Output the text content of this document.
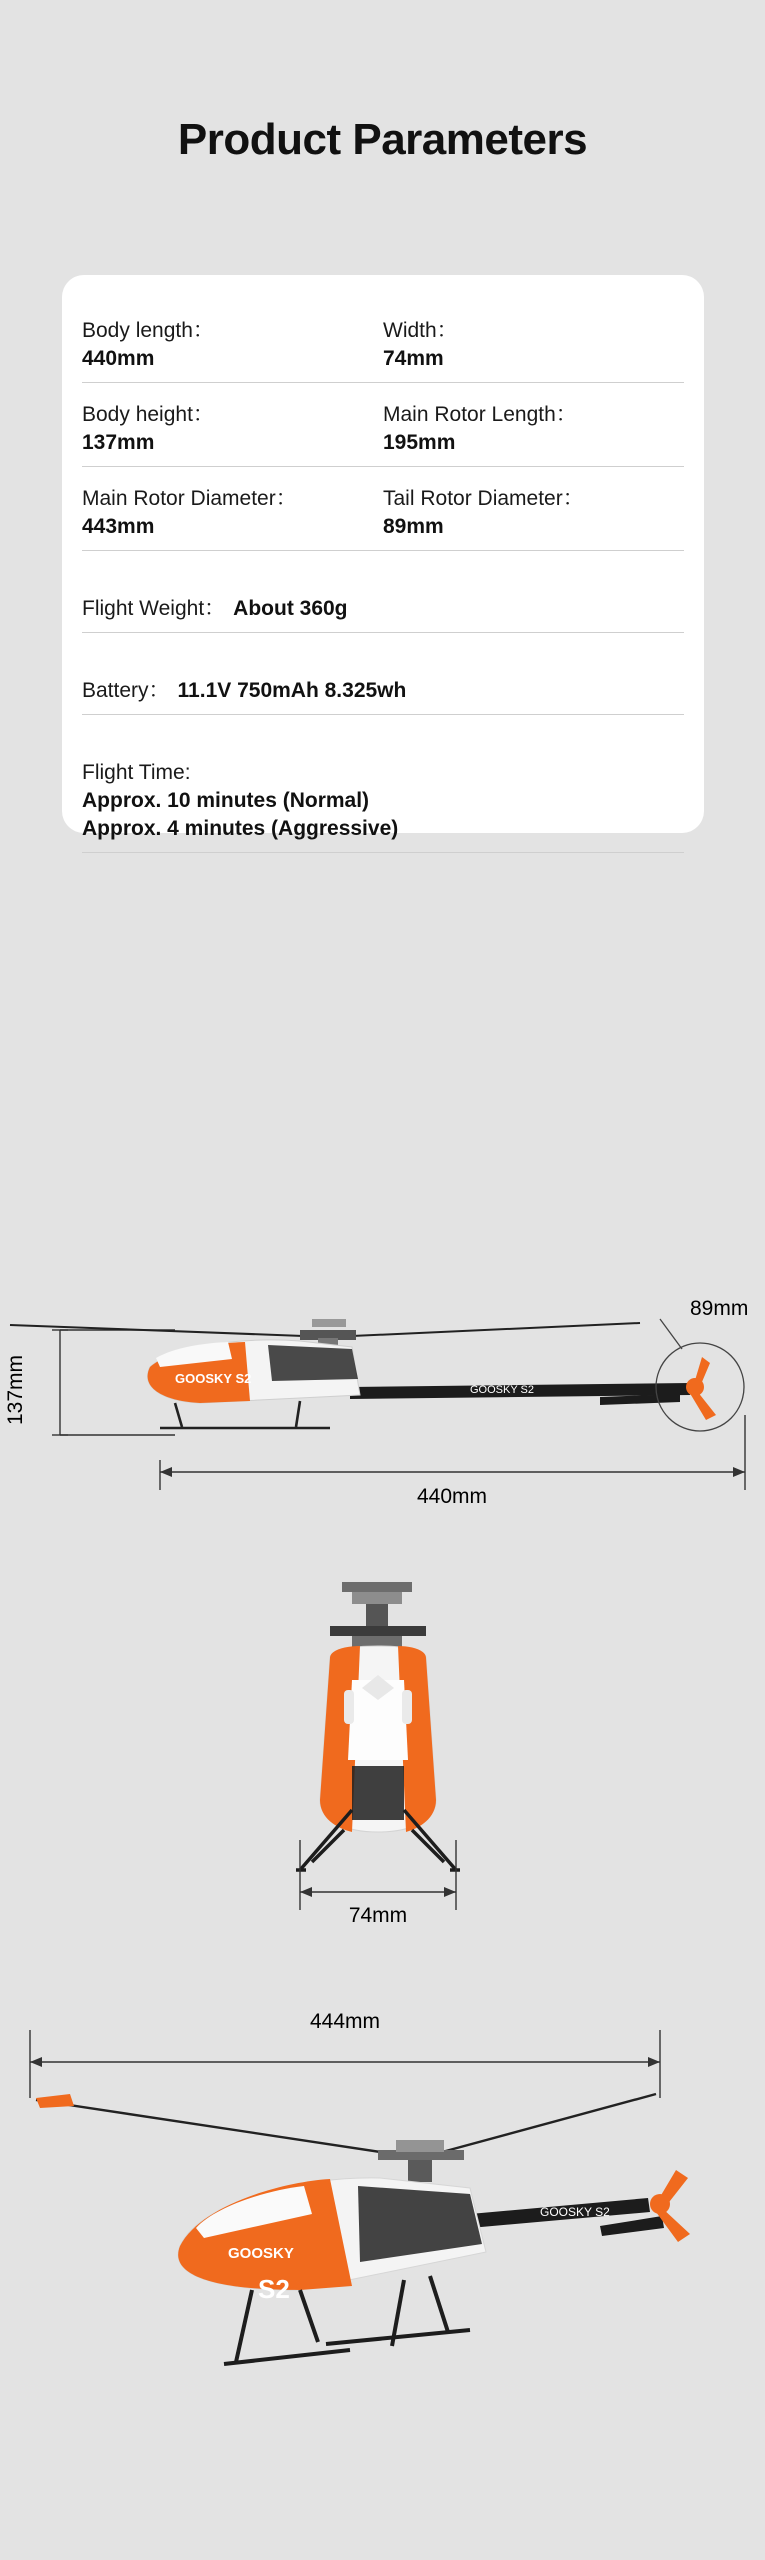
Product Parameters
Body length：
440mm
Width：
74mm
Body height：
137mm
Main Rotor Length：
195mm
Main Rotor Diameter：
443mm
Tail Rotor Diameter：
89mm
Flight Weight： About 360g
Battery： 11.1V 750mAh 8.325wh
Flight Time:
Approx. 10 minutes (Normal)
Approx. 4 minutes (Aggressive)
GOOSKY S2
GOOSKY S2
137mm
440mm
89mm
74mm
444mm
GOOSKY S2
GOOSKY
S2
